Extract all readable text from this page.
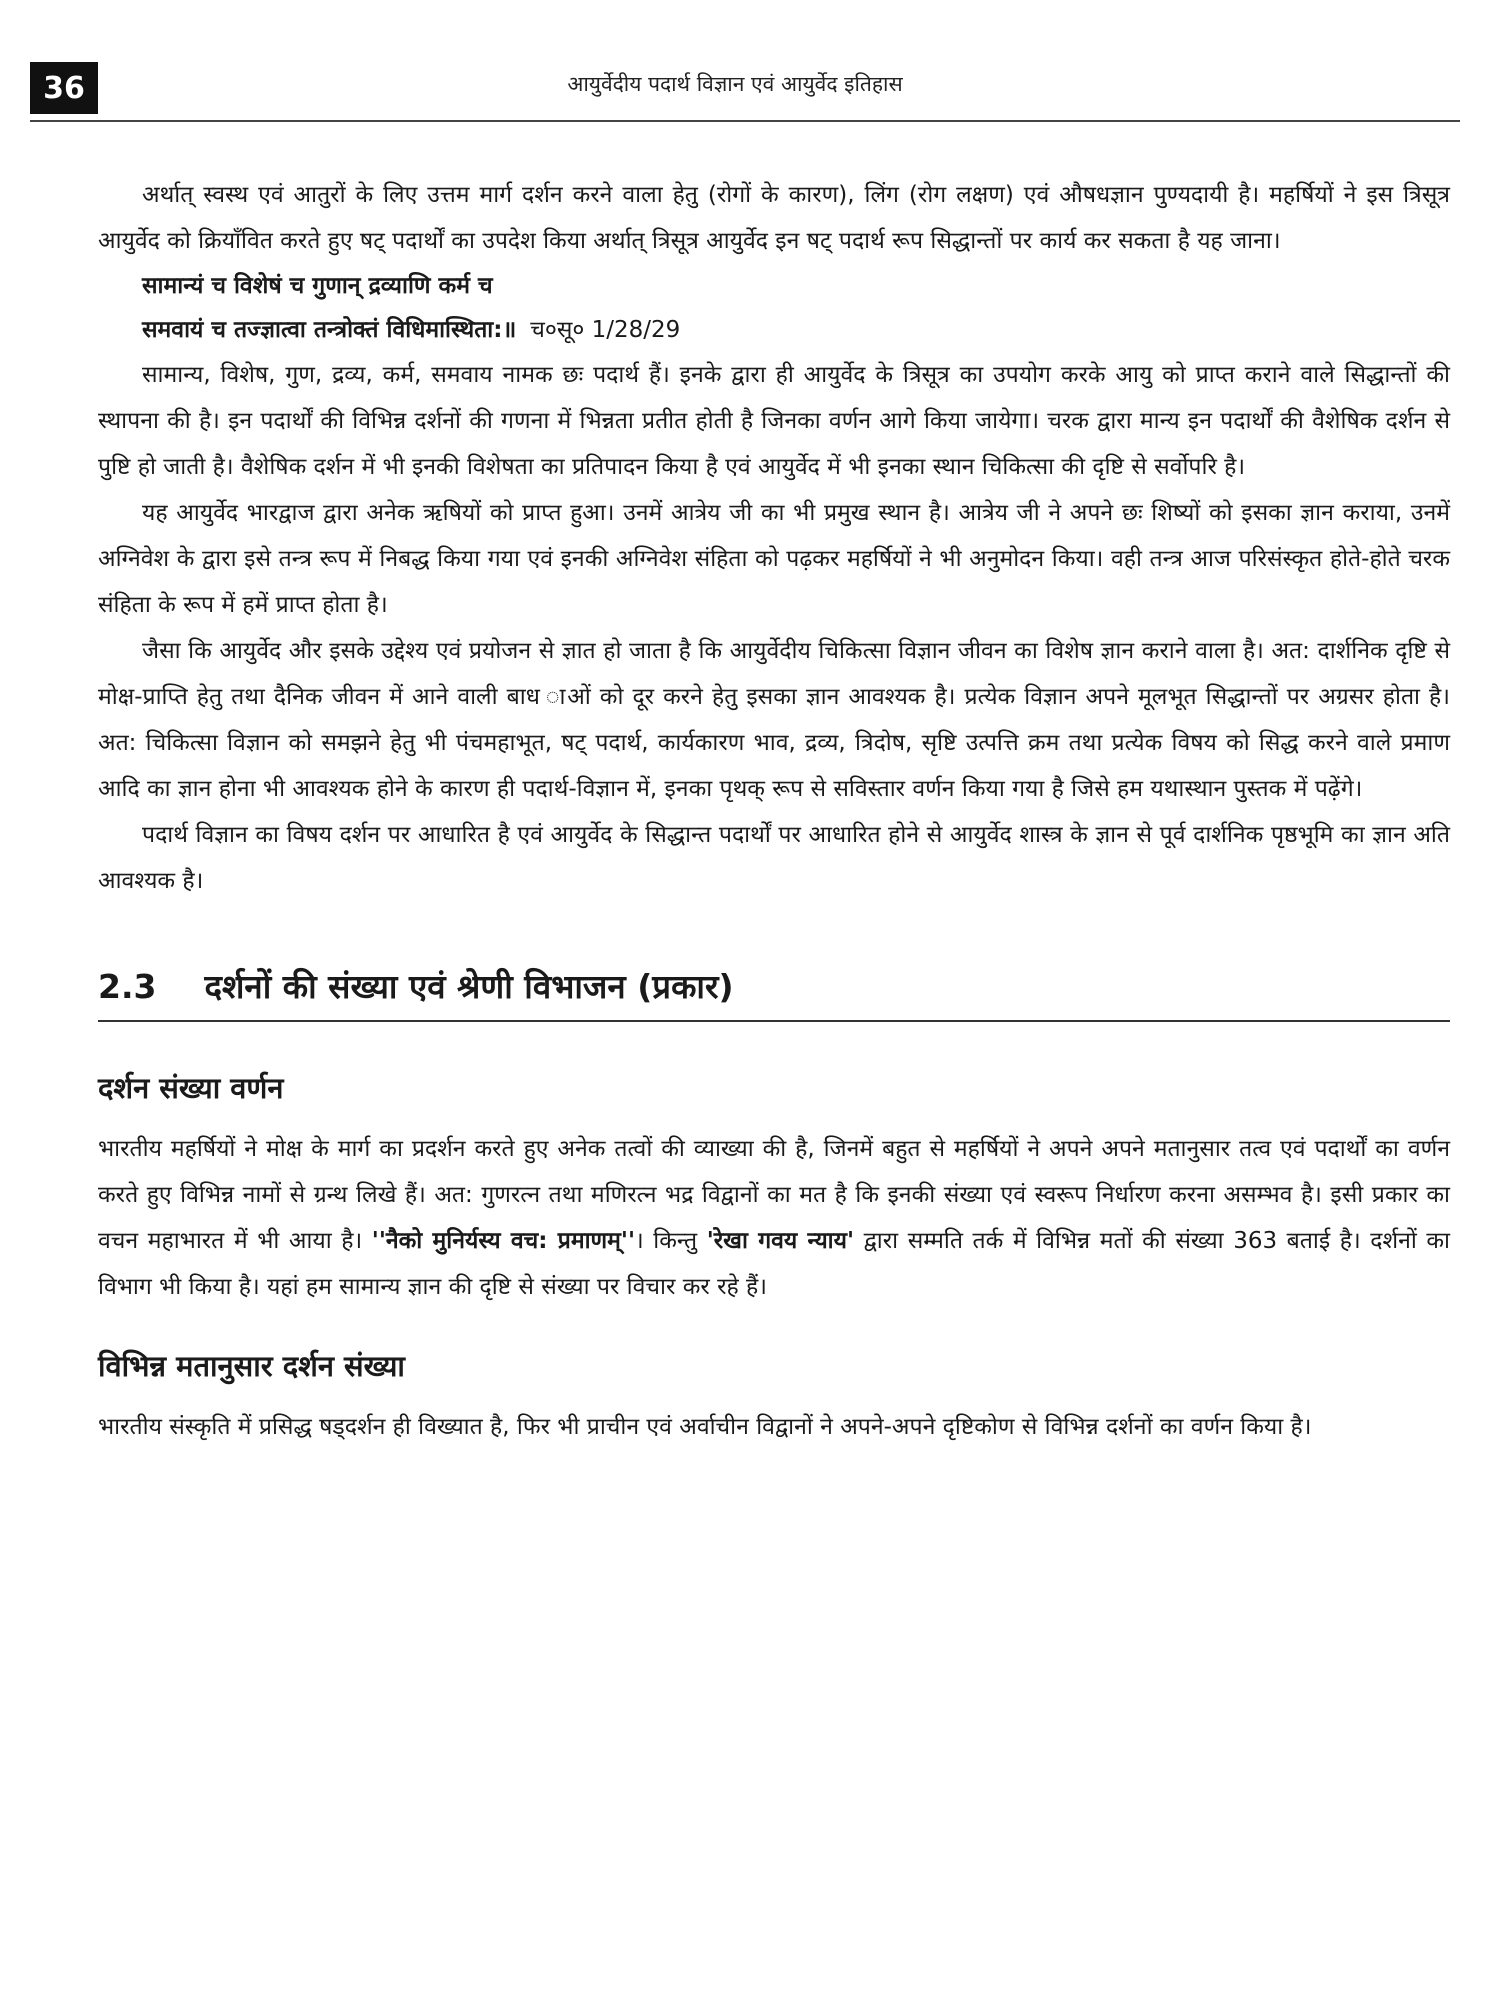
36	आयुर्वेदीय पदार्थ विज्ञान एवं आयुर्वेद इतिहास

अर्थात् स्वस्थ एवं आतुरों के लिए उत्तम मार्ग दर्शन करने वाला हेतु (रोगों के कारण), लिंग (रोग लक्षण) एवं औषधज्ञान पुण्यदायी है। महर्षियों ने इस त्रिसूत्र आयुर्वेद को क्रियाँवित करते हुए षट् पदार्थों का उपदेश किया अर्थात् त्रिसूत्र आयुर्वेद इन षट् पदार्थ रूप सिद्धान्तों पर कार्य कर सकता है यह जाना।

सामान्यं च विशेषं च गुणान् द्रव्याणि कर्म च
समवायं च तज्ज्ञात्वा तन्त्रोक्तं विधिमास्थिता:॥ च०सू० 1/28/29

सामान्य, विशेष, गुण, द्रव्य, कर्म, समवाय नामक छः पदार्थ हैं। इनके द्वारा ही आयुर्वेद के त्रिसूत्र का उपयोग करके आयु को प्राप्त कराने वाले सिद्धान्तों की स्थापना की है। इन पदार्थों की विभिन्न दर्शनों की गणना में भिन्नता प्रतीत होती है जिनका वर्णन आगे किया जायेगा। चरक द्वारा मान्य इन पदार्थों की वैशेषिक दर्शन से पुष्टि हो जाती है। वैशेषिक दर्शन में भी इनकी विशेषता का प्रतिपादन किया है एवं आयुर्वेद में भी इनका स्थान चिकित्सा की दृष्टि से सर्वोपरि है।

यह आयुर्वेद भारद्वाज द्वारा अनेक ऋषियों को प्राप्त हुआ। उनमें आत्रेय जी का भी प्रमुख स्थान है। आत्रेय जी ने अपने छः शिष्यों को इसका ज्ञान कराया, उनमें अग्निवेश के द्वारा इसे तन्त्र रूप में निबद्ध किया गया एवं इनकी अग्निवेश संहिता को पढ़कर महर्षियों ने भी अनुमोदन किया। वही तन्त्र आज परिसंस्कृत होते-होते चरक संहिता के रूप में हमें प्राप्त होता है।

जैसा कि आयुर्वेद और इसके उद्देश्य एवं प्रयोजन से ज्ञात हो जाता है कि आयुर्वेदीय चिकित्सा विज्ञान जीवन का विशेष ज्ञान कराने वाला है। अत: दार्शनिक दृष्टि से मोक्ष-प्राप्ति हेतु तथा दैनिक जीवन में आने वाली बाध ाओं को दूर करने हेतु इसका ज्ञान आवश्यक है। प्रत्येक विज्ञान अपने मूलभूत सिद्धान्तों पर अग्रसर होता है। अत: चिकित्सा विज्ञान को समझने हेतु भी पंचमहाभूत, षट् पदार्थ, कार्यकारण भाव, द्रव्य, त्रिदोष, सृष्टि उत्पत्ति क्रम तथा प्रत्येक विषय को सिद्ध करने वाले प्रमाण आदि का ज्ञान होना भी आवश्यक होने के कारण ही पदार्थ-विज्ञान में, इनका पृथक् रूप से सविस्तार वर्णन किया गया है जिसे हम यथास्थान पुस्तक में पढ़ेंगे।

पदार्थ विज्ञान का विषय दर्शन पर आधारित है एवं आयुर्वेद के सिद्धान्त पदार्थों पर आधारित होने से आयुर्वेद शास्त्र के ज्ञान से पूर्व दार्शनिक पृष्ठभूमि का ज्ञान अति आवश्यक है।

2.3 दर्शनों की संख्या एवं श्रेणी विभाजन (प्रकार)
दर्शन संख्या वर्णन

भारतीय महर्षियों ने मोक्ष के मार्ग का प्रदर्शन करते हुए अनेक तत्वों की व्याख्या की है, जिनमें बहुत से महर्षियों ने अपने अपने मतानुसार तत्व एवं पदार्थों का वर्णन करते हुए विभिन्न नामों से ग्रन्थ लिखे हैं। अत: गुणरत्न तथा मणिरत्न भद्र विद्वानों का मत है कि इनकी संख्या एवं स्वरूप निर्धारण करना असम्भव है। इसी प्रकार का वचन महाभारत में भी आया है। ''नैको मुनिर्यस्य वच: प्रमाणम्''। किन्तु 'रेखा गवय न्याय' द्वारा सम्मति तर्क में विभिन्न मतों की संख्या 363 बताई है। दर्शनों का विभाग भी किया है। यहां हम सामान्य ज्ञान की दृष्टि से संख्या पर विचार कर रहे हैं।

विभिन्न मतानुसार दर्शन संख्या

भारतीय संस्कृति में प्रसिद्ध षड्दर्शन ही विख्यात है, फिर भी प्राचीन एवं अर्वाचीन विद्वानों ने अपने-अपने दृष्टिकोण से विभिन्न दर्शनों का वर्णन किया है।
